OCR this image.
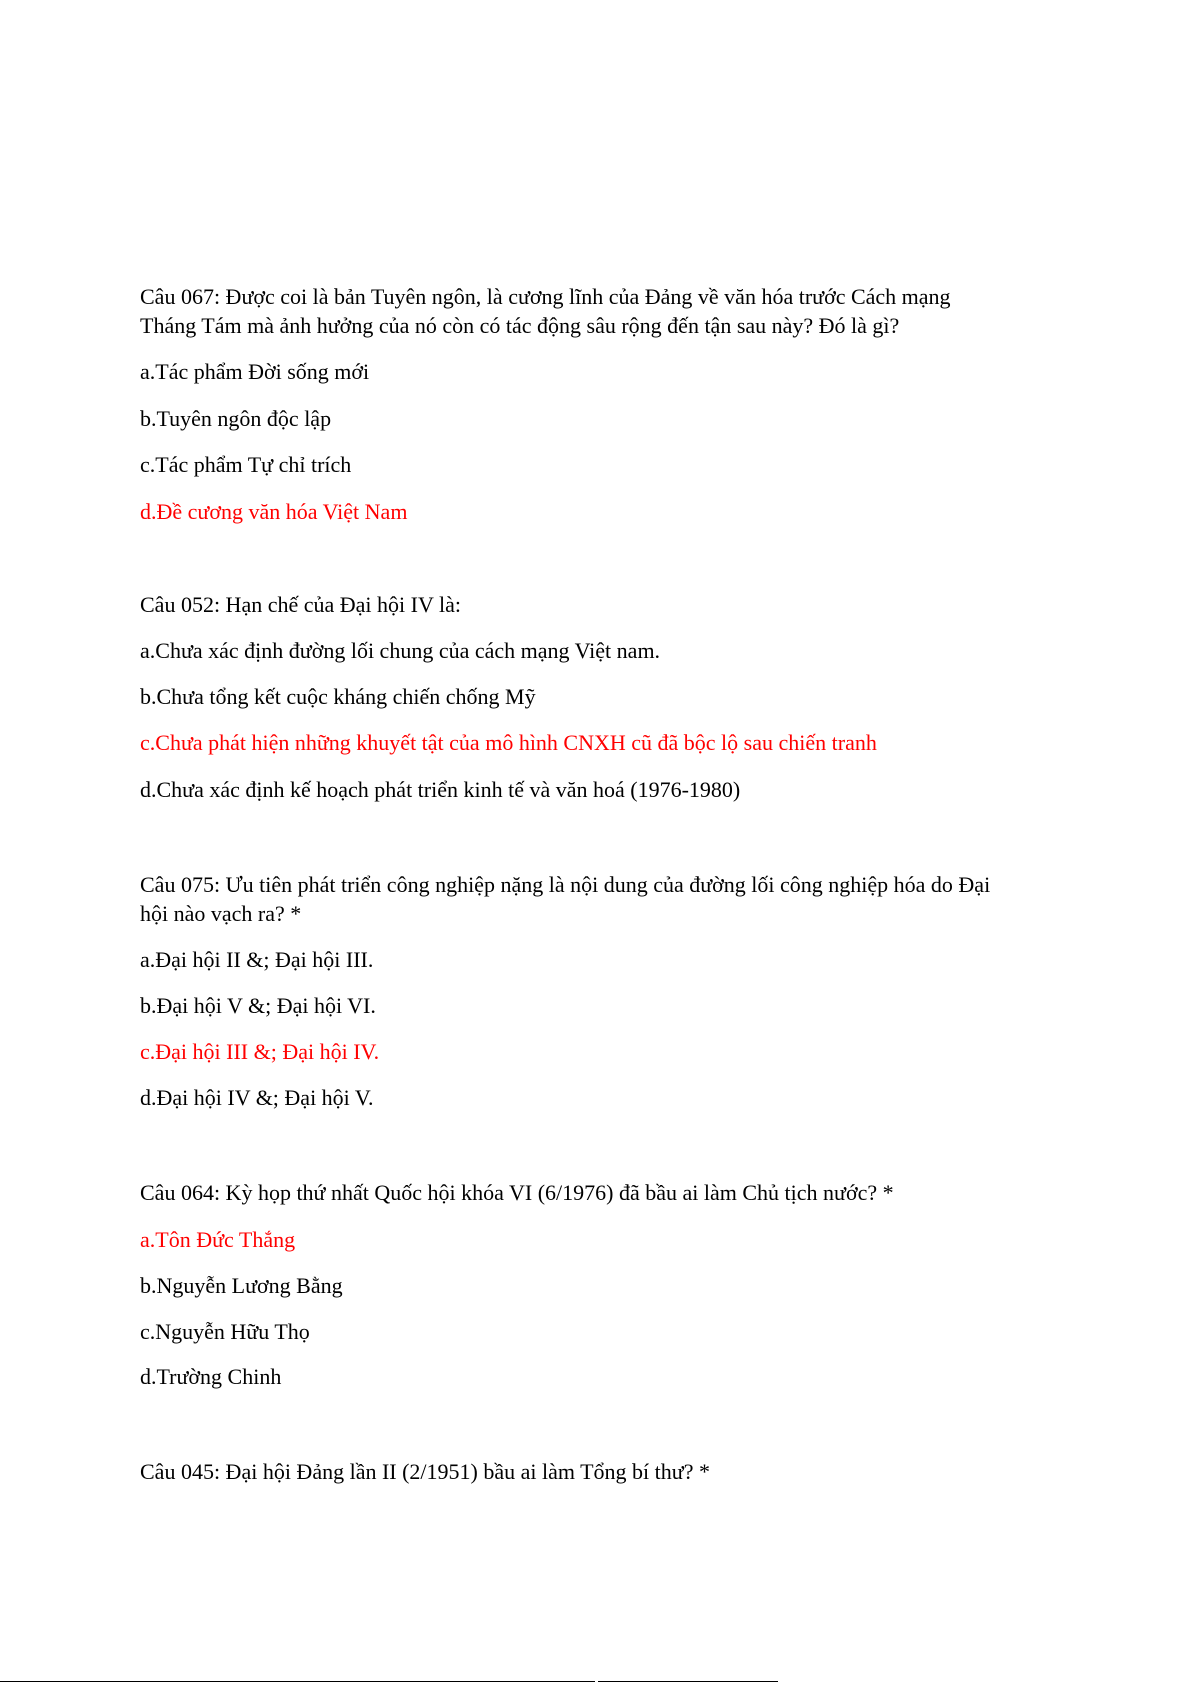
Câu 067: Được coi là bản Tuyên ngôn, là cương lĩnh của Đảng về văn hóa trước Cách mạng
Tháng Tám mà ảnh hưởng của nó còn có tác động sâu rộng đến tận sau này? Đó là gì?
a.Tác phẩm Đời sống mới
b.Tuyên ngôn độc lập
c.Tác phẩm Tự chỉ trích
d.Đề cương văn hóa Việt Nam
Câu 052: Hạn chế của Đại hội IV là:
a.Chưa xác định đường lối chung của cách mạng Việt nam.
b.Chưa tổng kết cuộc kháng chiến chống Mỹ
c.Chưa phát hiện những khuyết tật của mô hình CNXH cũ đã bộc lộ sau chiến tranh
d.Chưa xác định kế hoạch phát triển kinh tế và văn hoá (1976-1980)
Câu 075: Ưu tiên phát triển công nghiệp nặng là nội dung của đường lối công nghiệp hóa do Đại
hội nào vạch ra? *
a.Đại hội II &; Đại hội III.
b.Đại hội V &; Đại hội VI.
c.Đại hội III &; Đại hội IV.
d.Đại hội IV &; Đại hội V.
Câu 064: Kỳ họp thứ nhất Quốc hội khóa VI (6/1976) đã bầu ai làm Chủ tịch nước? *
a.Tôn Đức Thắng
b.Nguyễn Lương Bằng
c.Nguyễn Hữu Thọ
d.Trường Chinh
Câu 045: Đại hội Đảng lần II (2/1951) bầu ai làm Tổng bí thư? *
